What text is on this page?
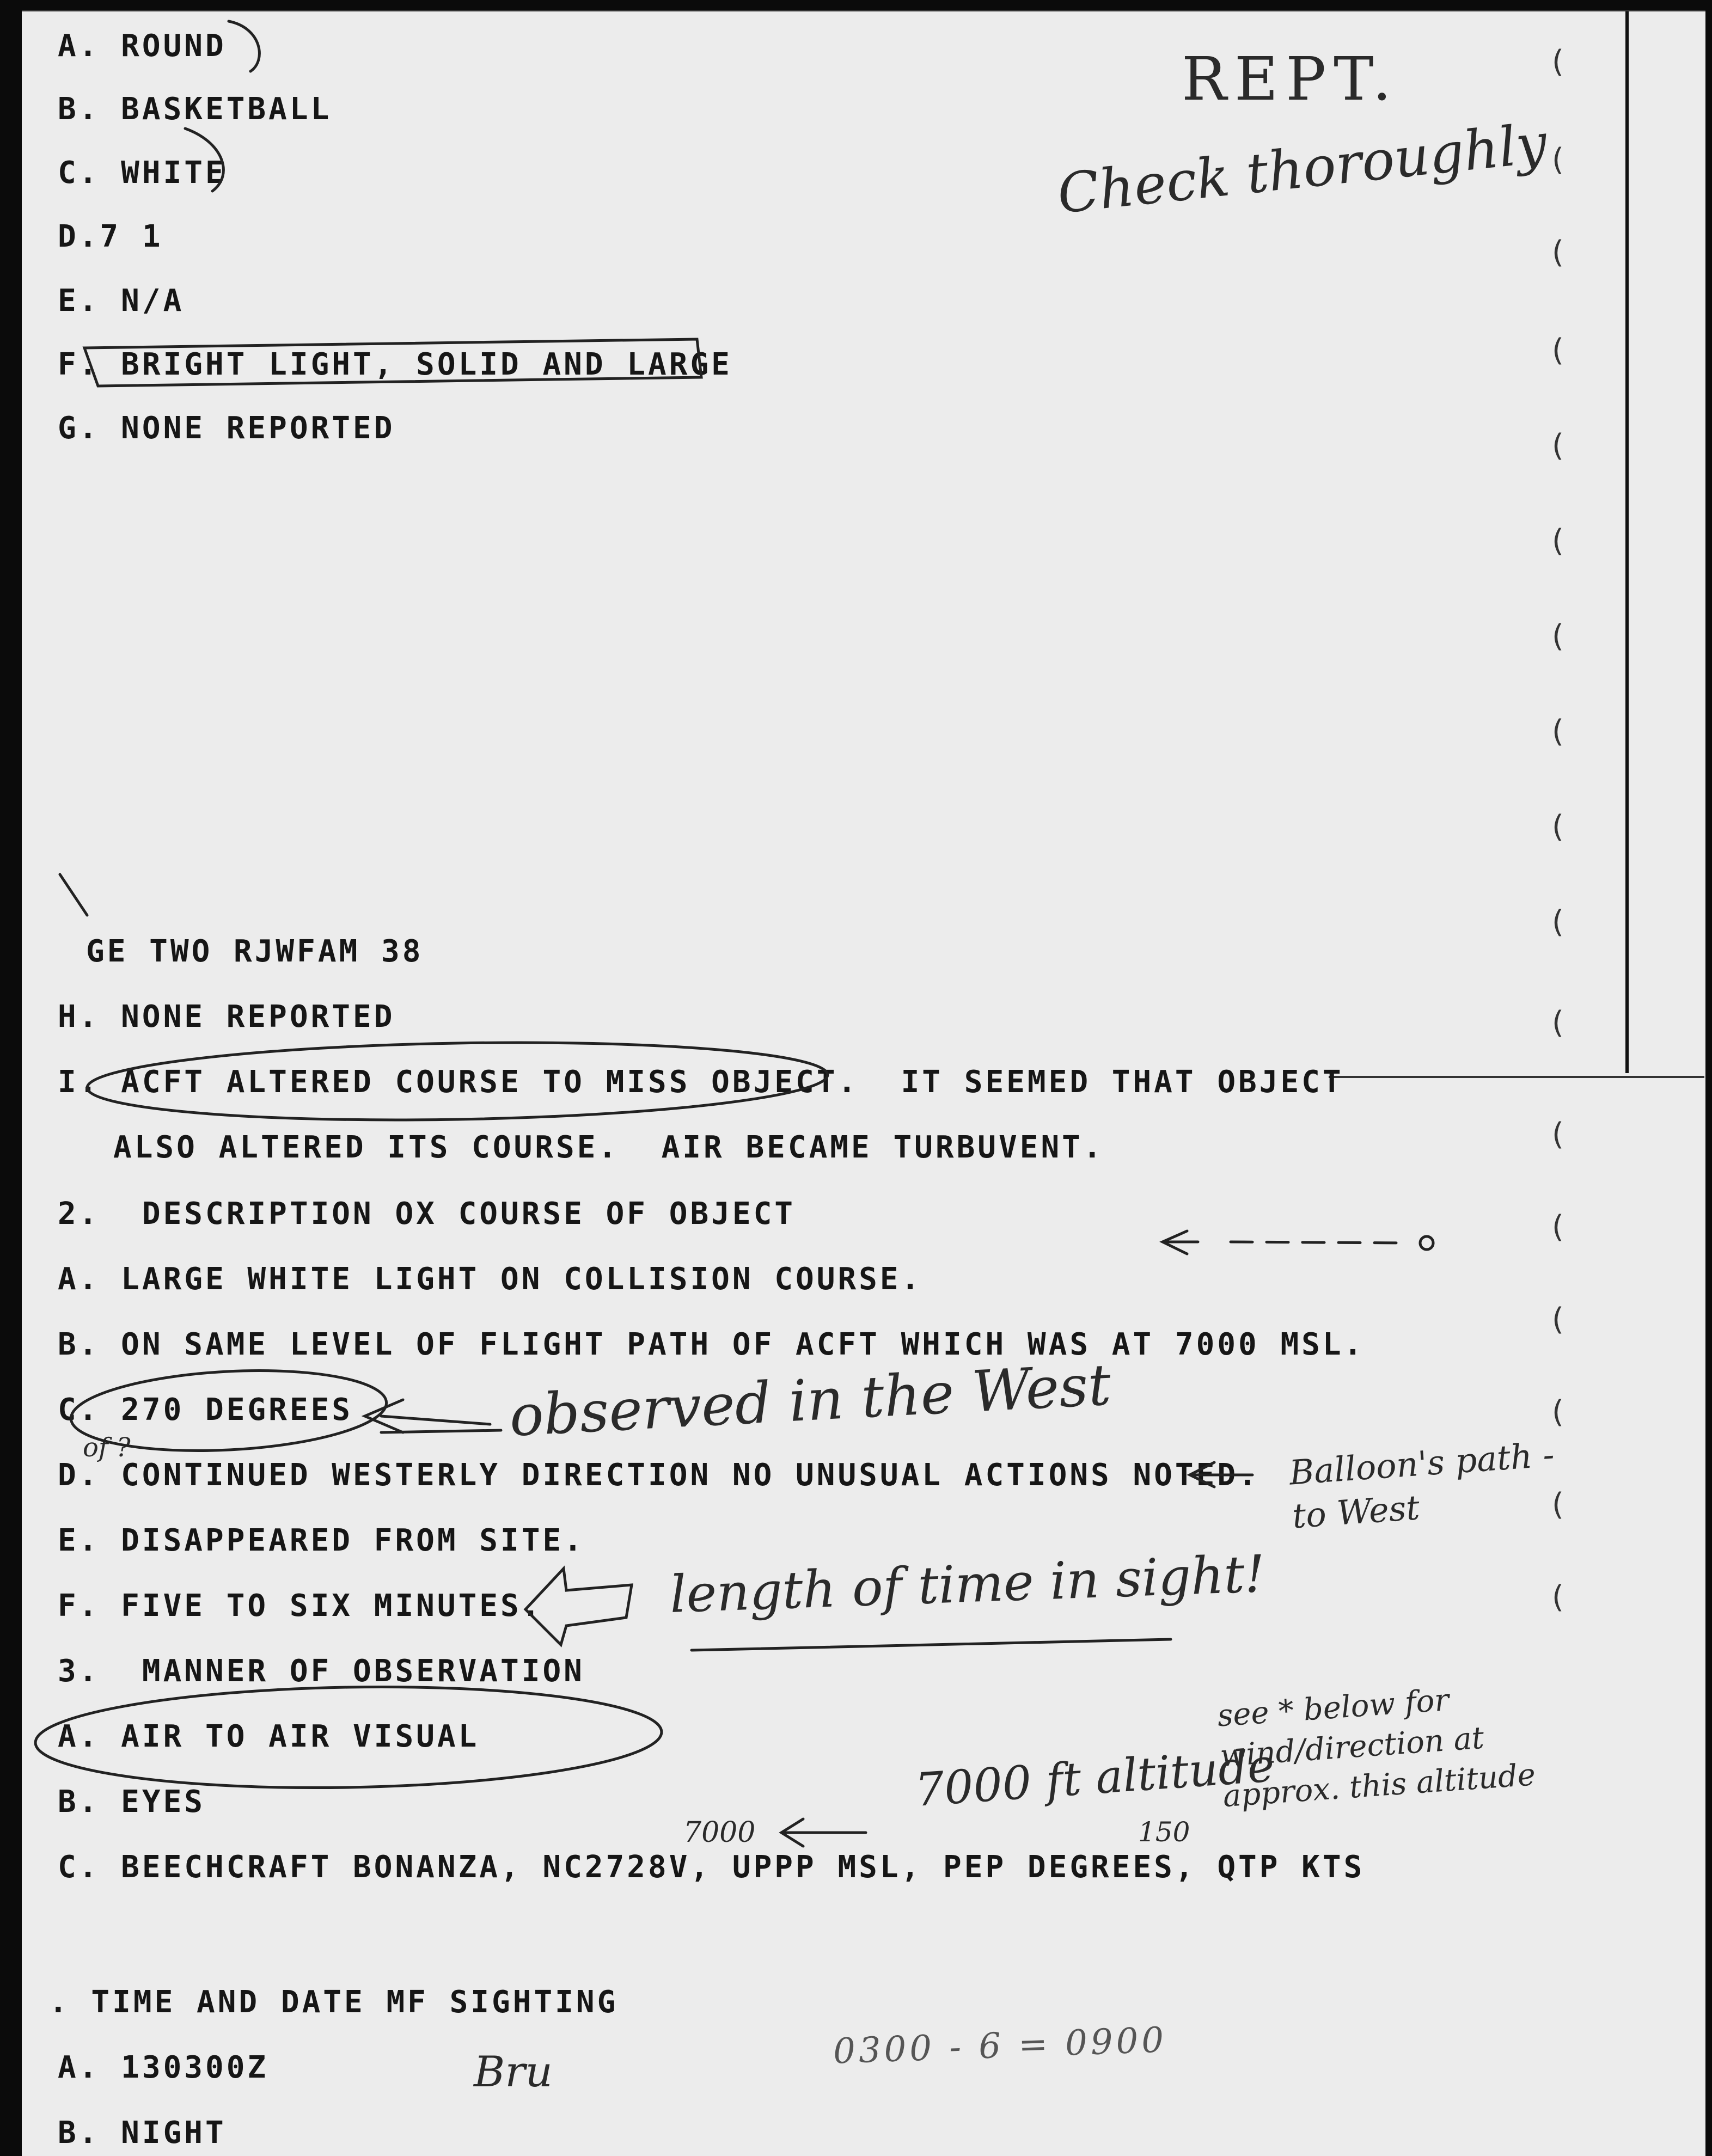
A. ROUND
B. BASKETBALL
C. WHITE
D.7 1
E. N/A
F. BRIGHT LIGHT, SOLID AND LARGE
G. NONE REPORTED
GE TWO RJWFAM 38
H. NONE REPORTED
I. ACFT ALTERED COURSE TO MISS OBJECT.  IT SEEMED THAT OBJECT
ALSO ALTERED ITS COURSE.  AIR BECAME TURBUVENT.
2.  DESCRIPTION OX COURSE OF OBJECT
A. LARGE WHITE LIGHT ON COLLISION COURSE.
B. ON SAME LEVEL OF FLIGHT PATH OF ACFT WHICH WAS AT 7000 MSL.
C. 270 DEGREES
D. CONTINUED WESTERLY DIRECTION NO UNUSUAL ACTIONS NOTED.
E. DISAPPEARED FROM SITE.
F. FIVE TO SIX MINUTES.
3.  MANNER OF OBSERVATION
A. AIR TO AIR VISUAL
B. EYES
C. BEECHCRAFT BONANZA, NC2728V, UPPP MSL, PEP DEGREES, QTP KTS
. TIME AND DATE MF SIGHTING
A. 130300Z
B. NIGHT
REPT.
Check thoroughly
observed in the West
Balloon's path - to West
length of time in sight!
see * below for wind/direction at approx. this altitude
7000 ft altitude
7000	150
of ?
Bru
0300 - 6 = 0900
(
(
(
(
(
(
(
(
(
(
(
(
(
(
(
(
(
